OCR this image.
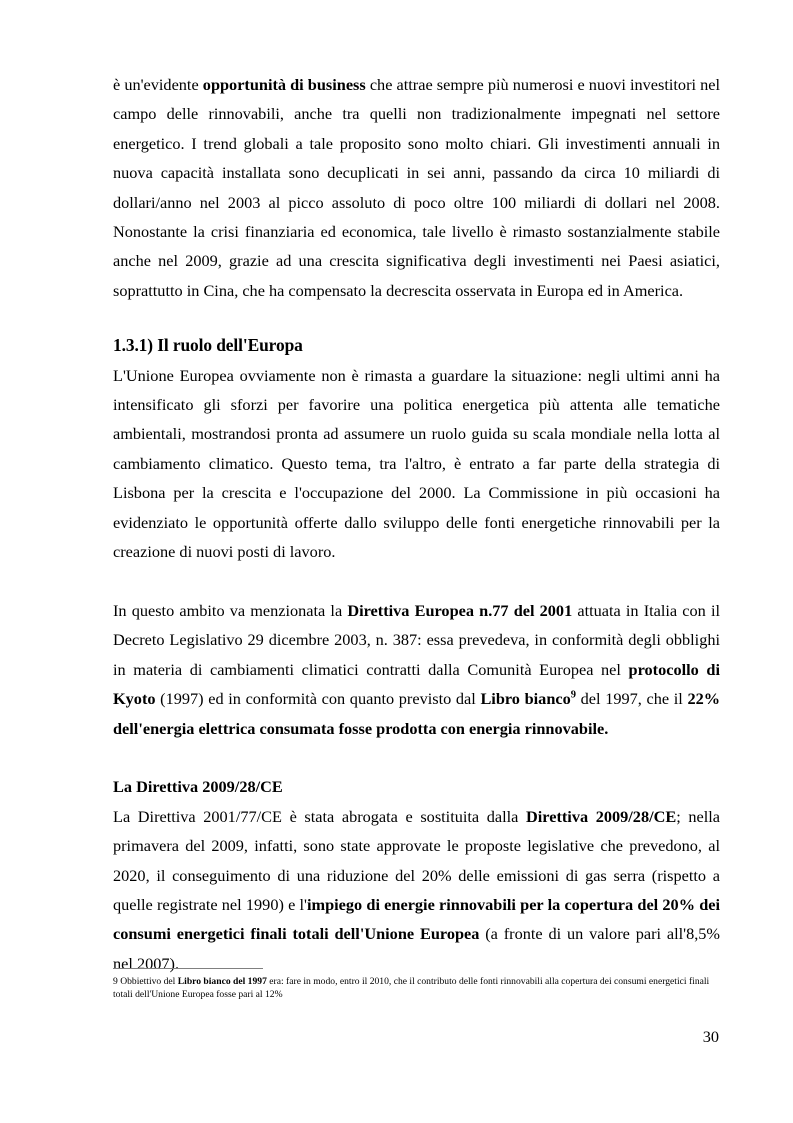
è un'evidente opportunità di business che attrae sempre più numerosi e nuovi investitori nel campo delle rinnovabili, anche tra quelli non tradizionalmente impegnati nel settore energetico. I trend globali a tale proposito sono molto chiari. Gli investimenti annuali in nuova capacità installata sono decuplicati in sei anni, passando da circa 10 miliardi di dollari/anno nel 2003 al picco assoluto di poco oltre 100 miliardi di dollari nel 2008. Nonostante la crisi finanziaria ed economica, tale livello è rimasto sostanzialmente stabile anche nel 2009, grazie ad una crescita significativa degli investimenti nei Paesi asiatici, soprattutto in Cina, che ha compensato la decrescita osservata in Europa ed in America.

1.3.1) Il ruolo dell'Europa

L'Unione Europea ovviamente non è rimasta a guardare la situazione: negli ultimi anni ha intensificato gli sforzi per favorire una politica energetica più attenta alle tematiche ambientali, mostrandosi pronta ad assumere un ruolo guida su scala mondiale nella lotta al cambiamento climatico. Questo tema, tra l'altro, è entrato a far parte della strategia di Lisbona per la crescita e l'occupazione del 2000. La Commissione in più occasioni ha evidenziato le opportunità offerte dallo sviluppo delle fonti energetiche rinnovabili per la creazione di nuovi posti di lavoro.

In questo ambito va menzionata la Direttiva Europea n.77 del 2001 attuata in Italia con il Decreto Legislativo 29 dicembre 2003, n. 387: essa prevedeva, in conformità degli obblighi in materia di cambiamenti climatici contratti dalla Comunità Europea nel protocollo di Kyoto (1997) ed in conformità con quanto previsto dal Libro bianco$^9$ del 1997, che il 22% dell'energia elettrica consumata fosse prodotta con energia rinnovabile.

La Direttiva 2009/28/CE

La Direttiva 2001/77/CE è stata abrogata e sostituita dalla Direttiva 2009/28/CE; nella primavera del 2009, infatti, sono state approvate le proposte legislative che prevedono, al 2020, il conseguimento di una riduzione del 20% delle emissioni di gas serra (rispetto a quelle registrate nel 1990) e l'impiego di energie rinnovabili per la copertura del 20% dei consumi energetici finali totali dell'Unione Europea (a fronte di un valore pari all'8,5% nel 2007).

9 Obbiettivo del Libro bianco del 1997 era: fare in modo, entro il 2010, che il contributo delle fonti rinnovabili alla copertura dei consumi energetici finali totali dell'Unione Europea fosse pari al 12%

30
